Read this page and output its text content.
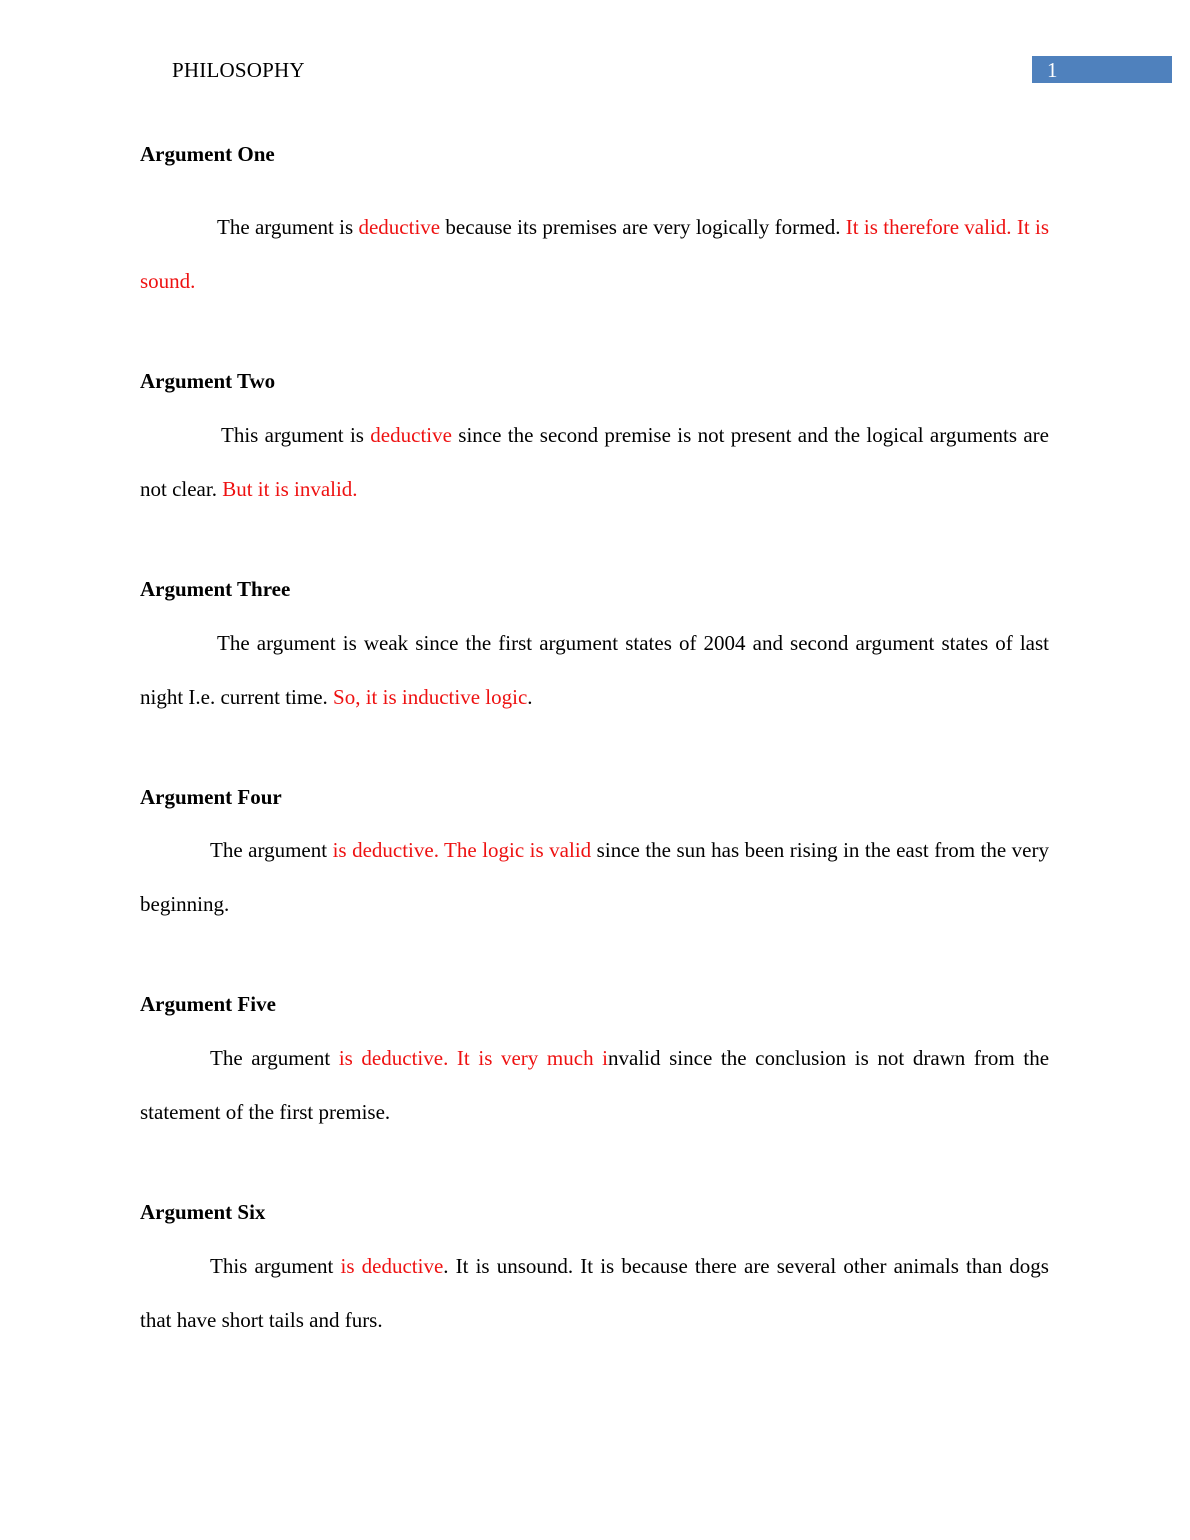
PHILOSOPHY	1
Argument One

The argument is deductive because its premises are very logically formed. It is therefore valid. It is sound.

Argument Two

This argument is deductive since the second premise is not present and the logical arguments are not clear. But it is invalid.

Argument Three

The argument is weak since the first argument states of 2004 and second argument states of last night I.e. current time. So, it is inductive logic.

Argument Four

The argument is deductive. The logic is valid since the sun has been rising in the east from the very beginning.

Argument Five

The argument is deductive. It is very much invalid since the conclusion is not drawn from the statement of the first premise.

Argument Six

This argument is deductive. It is unsound. It is because there are several other animals than dogs that have short tails and furs.
